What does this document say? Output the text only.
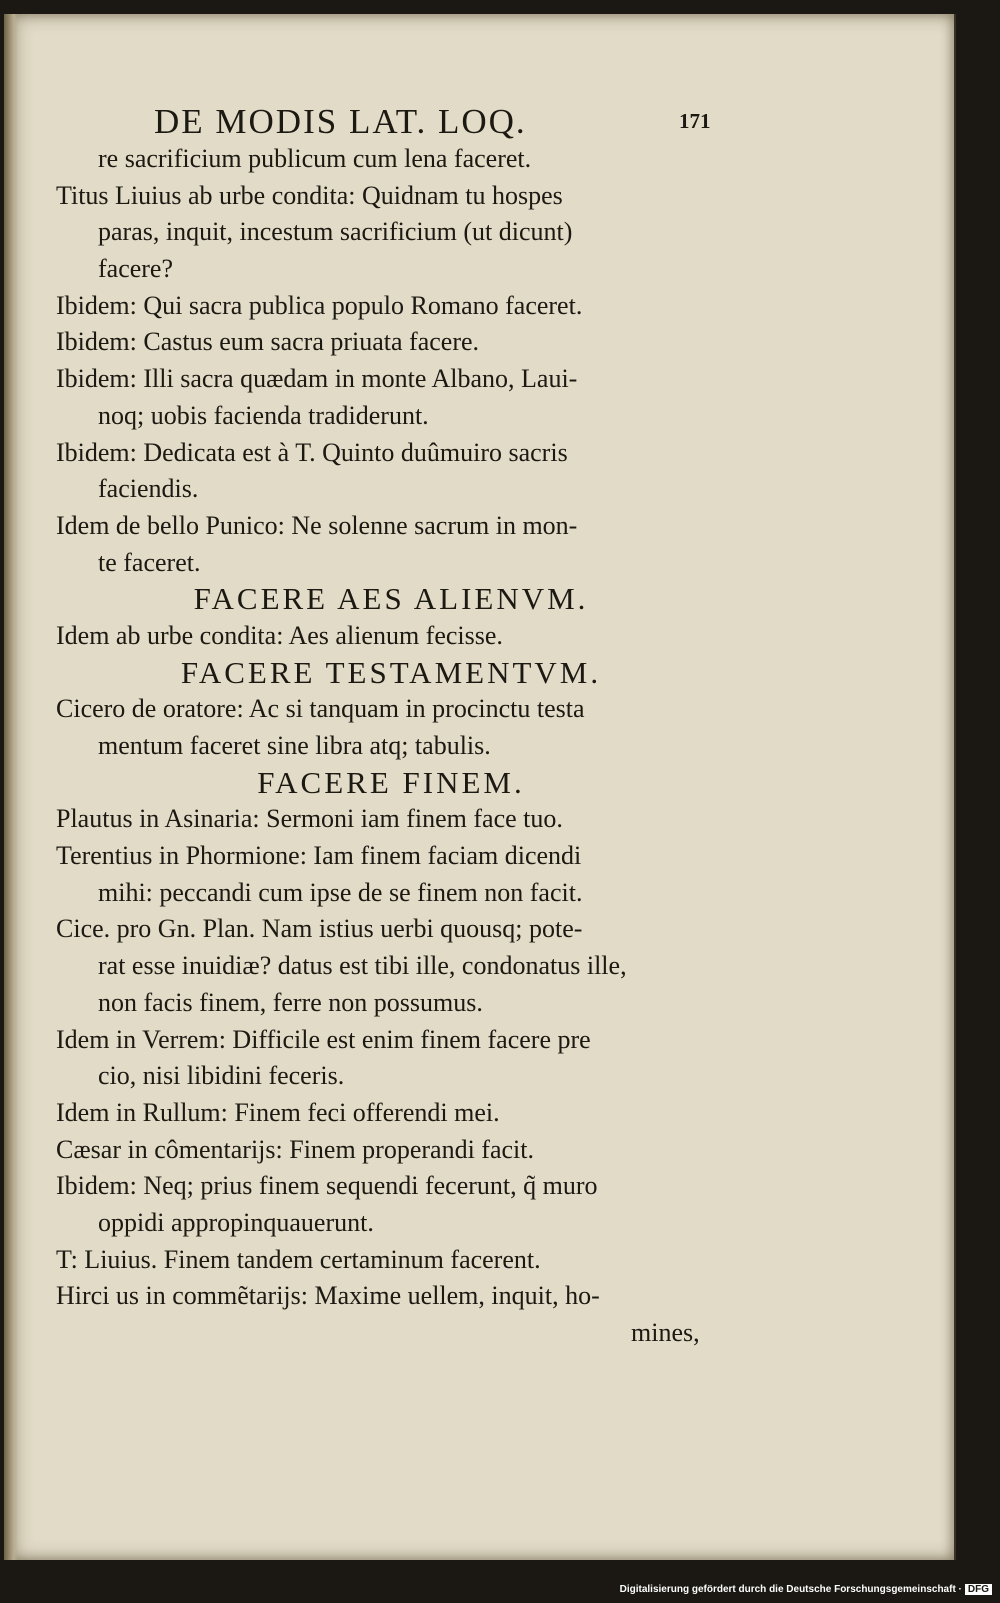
DE MODIS LAT. LOQ.	171
re sacrificium publicum cum lena faceret.
Titus Liuius ab urbe condita: Quidnam tu hospes
paras, inquit, incestum sacrificium (ut dicunt)
facere?
Ibidem: Qui sacra publica populo Romano faceret.
Ibidem: Castus eum sacra priuata facere.
Ibidem: Illi sacra quædam in monte Albano, Laui-
noq; uobis facienda tradiderunt.
Ibidem: Dedicata est à T. Quinto duûmuiro sacris
faciendis.
Idem de bello Punico: Ne solenne sacrum in mon-
te faceret.
FACERE AES ALIENVM.
Idem ab urbe condita: Aes alienum fecisse.
FACERE TESTAMENTVM.
Cicero de oratore: Ac si tanquam in procinctu testa
mentum faceret sine libra atq; tabulis.
FACERE FINEM.
Plautus in Asinaria: Sermoni iam finem face tuo.
Terentius in Phormione: Iam finem faciam dicendi
mihi: peccandi cum ipse de se finem non facit.
Cice. pro Gn. Plan. Nam istius uerbi quousq; pote-
rat esse inuidiæ? datus est tibi ille, condonatus ille,
non facis finem, ferre non possumus.
Idem in Verrem: Difficile est enim finem facere pre
cio, nisi libidini feceris.
Idem in Rullum: Finem feci offerendi mei.
Cæsar in cômentarijs: Finem properandi facit.
Ibidem: Neq; prius finem sequendi fecerunt, q̃ muro
oppidi appropinquauerunt.
T: Liuius. Finem tandem certaminum facerent.
Hirci us in commẽtarijs: Maxime uellem, inquit, ho-
mines,
Digitalisierung gefördert durch die Deutsche Forschungsgemeinschaft · DFG
